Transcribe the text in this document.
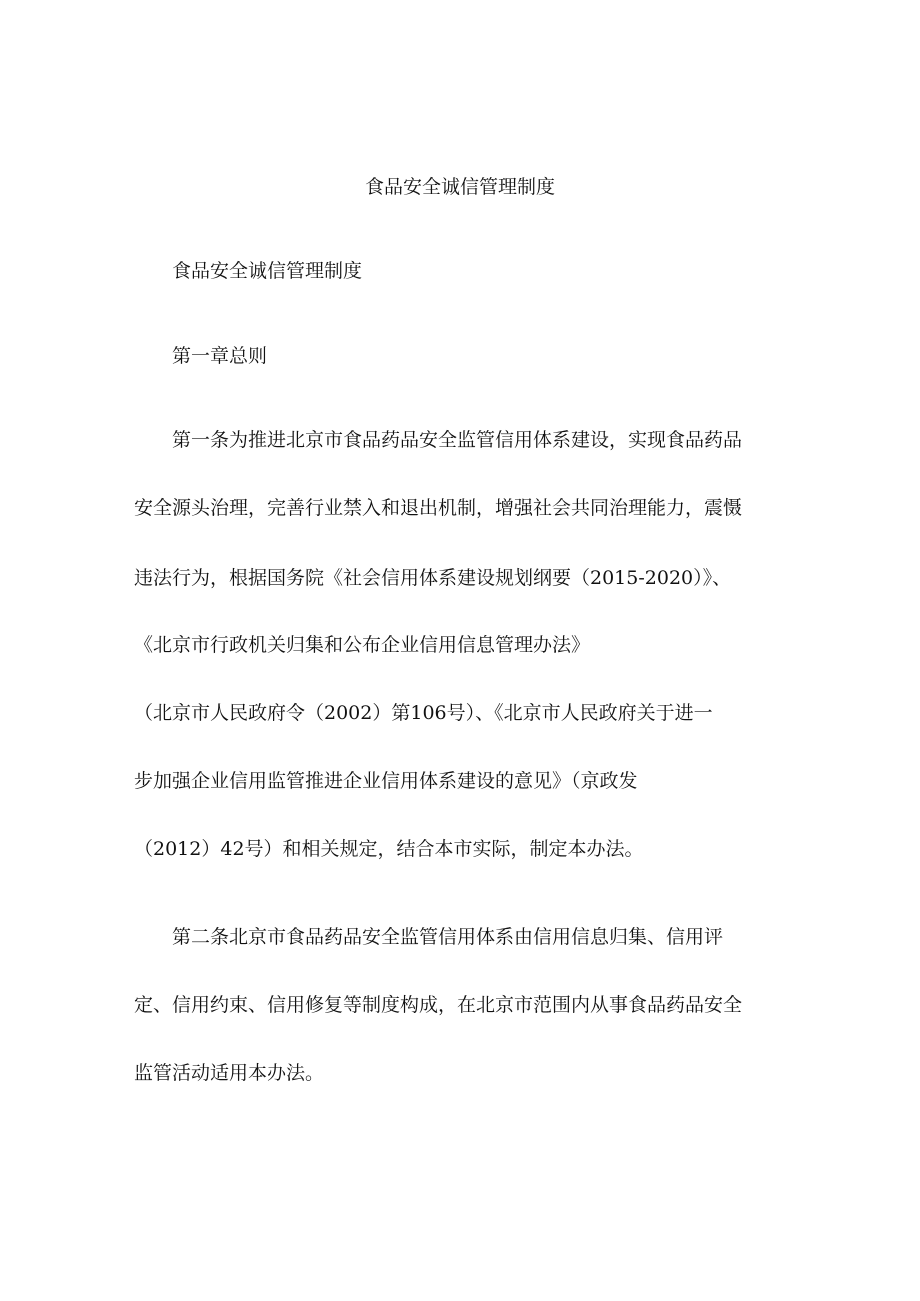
食品安全诚信管理制度
食品安全诚信管理制度
第一章总则
第一条为推进北京市食品药品安全监管信用体系建设，实现食品药品
安全源头治理，完善行业禁入和退出机制，增强社会共同治理能力，震慑
违法行为，根据国务院《社会信用体系建设规划纲要（2015-2020）》、
《北京市行政机关归集和公布企业信用信息管理办法》
（北京市人民政府令（2002）第106号）、《北京市人民政府关于进一
步加强企业信用监管推进企业信用体系建设的意见》（京政发
（2012）42号）和相关规定，结合本市实际，制定本办法。
第二条北京市食品药品安全监管信用体系由信用信息归集、信用评
定、信用约束、信用修复等制度构成，在北京市范围内从事食品药品安全
监管活动适用本办法。
